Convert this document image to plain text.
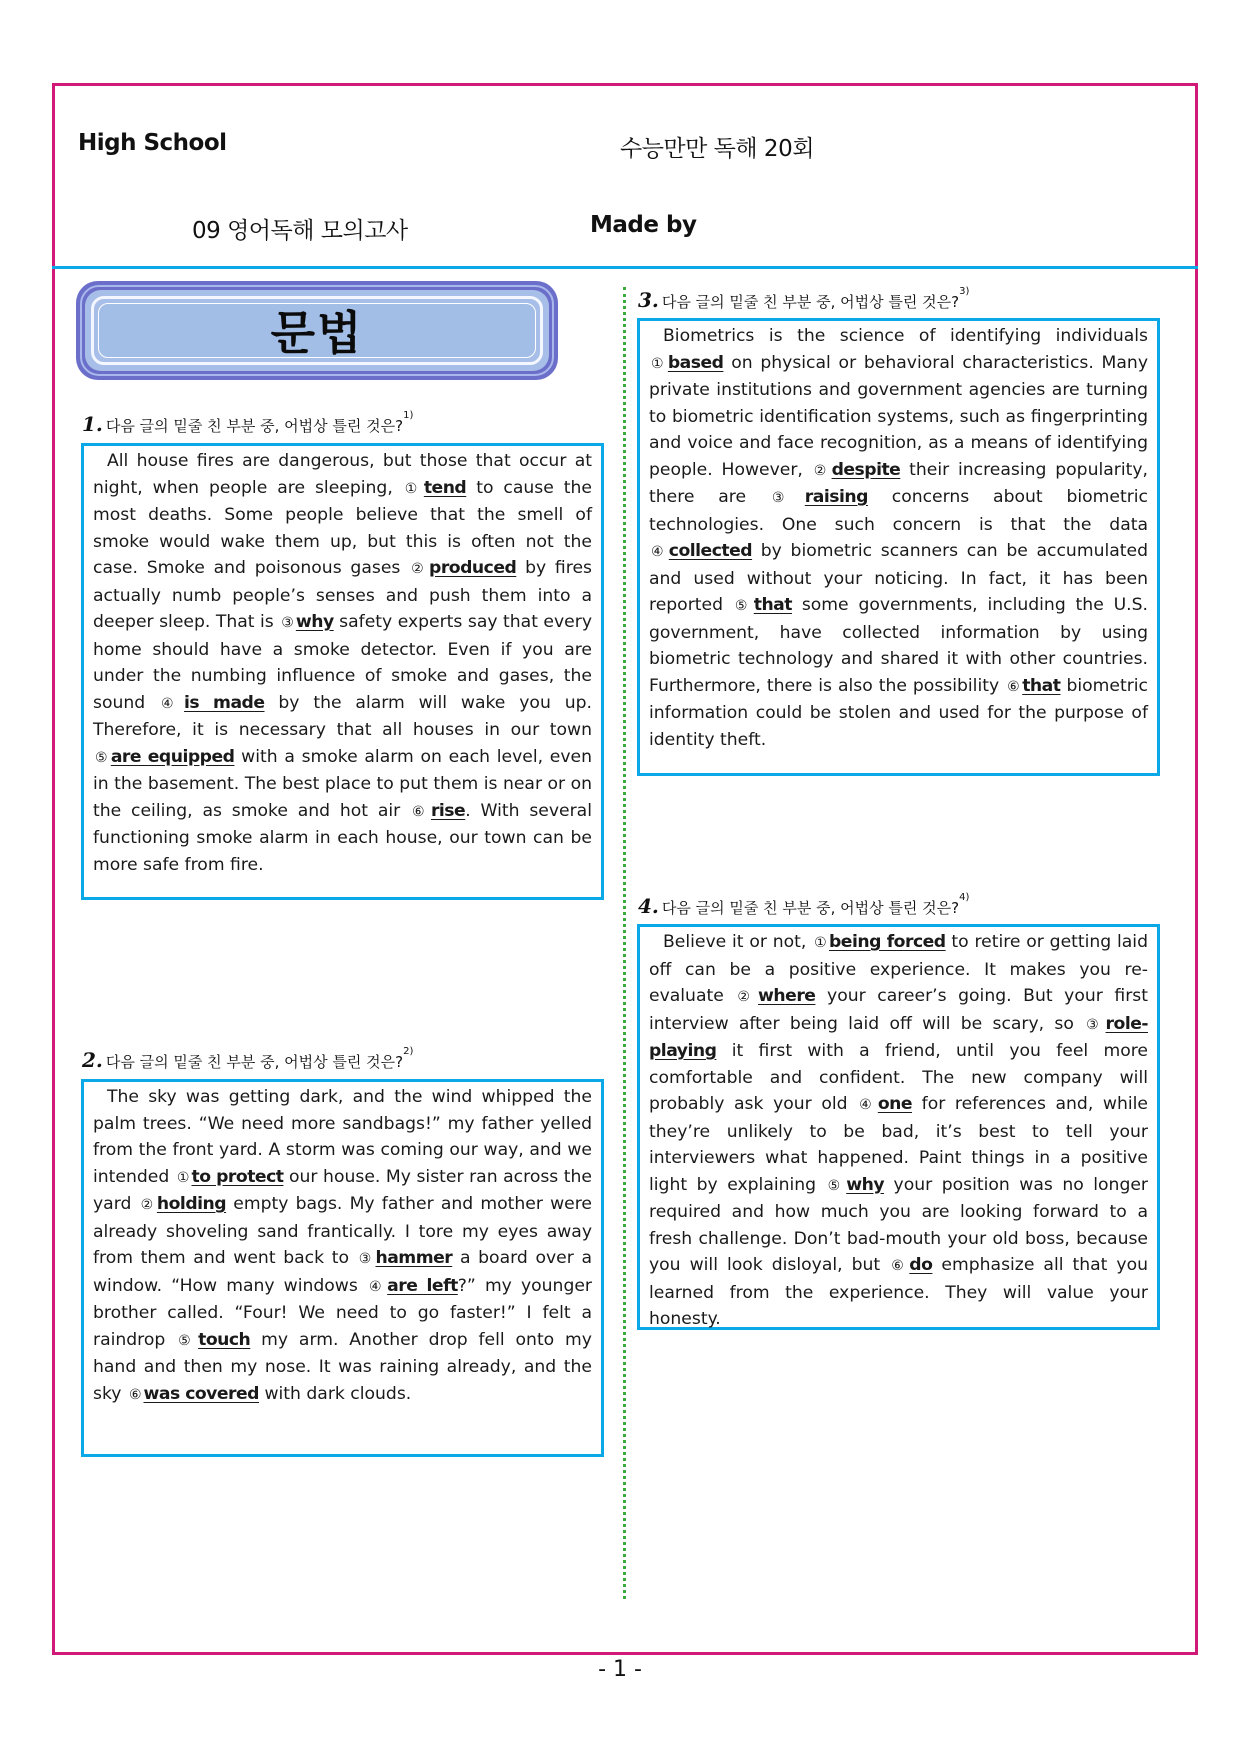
High School	수능만만 독해 20회
09 영어독해 모의고사	Made by
문법
1. 다음 글의 밑줄 친 부분 중, 어법상 틀린 것은?$^{1)}$

All house fires are dangerous, but those that occur at night, when people are sleeping, ① tend to cause the most deaths. Some people believe that the smell of smoke would wake them up, but this is often not the case. Smoke and poisonous gases ② produced by fires actually numb people’s senses and push them into a deeper sleep. That is ③ why safety experts say that every home should have a smoke detector. Even if you are under the numbing influence of smoke and gases, the sound ④ is made by the alarm will wake you up. Therefore, it is necessary that all houses in our town ⑤ are equipped with a smoke alarm on each level, even in the basement. The best place to put them is near or on the ceiling, as smoke and hot air ⑥ rise. With several functioning smoke alarm in each house, our town can be more safe from fire.

2. 다음 글의 밑줄 친 부분 중, 어법상 틀린 것은?$^{2)}$

The sky was getting dark, and the wind whipped the palm trees. “We need more sandbags!” my father yelled from the front yard. A storm was coming our way, and we intended ① to protect our house. My sister ran across the yard ② holding empty bags. My father and mother were already shoveling sand frantically. I tore my eyes away from them and went back to ③ hammer a board over a window. “How many windows ④ are left?” my younger brother called. “Four! We need to go faster!” I felt a raindrop ⑤ touch my arm. Another drop fell onto my hand and then my nose. It was raining already, and the sky ⑥ was covered with dark clouds.

3. 다음 글의 밑줄 친 부분 중, 어법상 틀린 것은?$^{3)}$

Biometrics is the science of identifying individuals ① based on physical or behavioral characteristics. Many private institutions and government agencies are turning to biometric identification systems, such as fingerprinting and voice and face recognition, as a means of identifying people. However, ② despite their increasing popularity, there are ③ raising concerns about biometric technologies. One such concern is that the data ④ collected by biometric scanners can be accumulated and used without your noticing. In fact, it has been reported ⑤ that some governments, including the U.S. government, have collected information by using biometric technology and shared it with other countries. Furthermore, there is also the possibility ⑥ that biometric information could be stolen and used for the purpose of identity theft.

4. 다음 글의 밑줄 친 부분 중, 어법상 틀린 것은?$^{4)}$

Believe it or not, ① being forced to retire or getting laid off can be a positive experience. It makes you re-evaluate ② where your career’s going. But your first interview after being laid off will be scary, so ③ role-playing it first with a friend, until you feel more comfortable and confident. The new company will probably ask your old ④ one for references and, while they’re unlikely to be bad, it’s best to tell your interviewers what happened. Paint things in a positive light by explaining ⑤ why your position was no longer required and how much you are looking forward to a fresh challenge. Don’t bad-mouth your old boss, because you will look disloyal, but ⑥ do emphasize all that you learned from the experience. They will value your honesty.

- 1 -
